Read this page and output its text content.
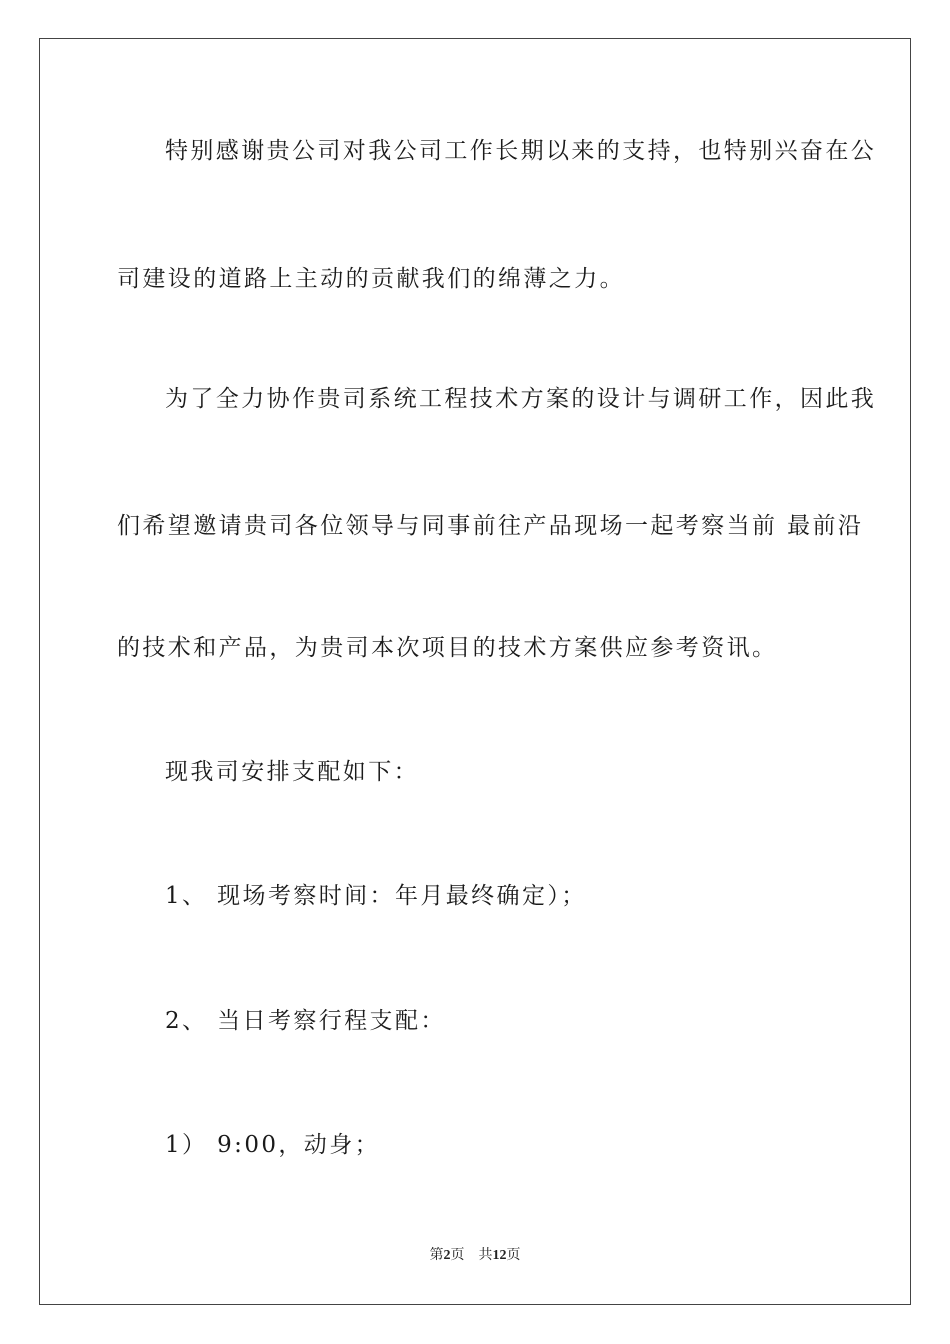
特别感谢贵公司对我公司工作长期以来的支持，也特别兴奋在公
司建设的道路上主动的贡献我们的绵薄之力。
为了全力协作贵司系统工程技术方案的设计与调研工作，因此我
们希望邀请贵司各位领导与同事前往产品现场一起考察当前 最前沿
的技术和产品，为贵司本次项目的技术方案供应参考资讯。
现我司安排支配如下：
1、 现场考察时间：年月最终确定）；
2、 当日考察行程支配：
1） 9:00，动身；
第2页 共12页
